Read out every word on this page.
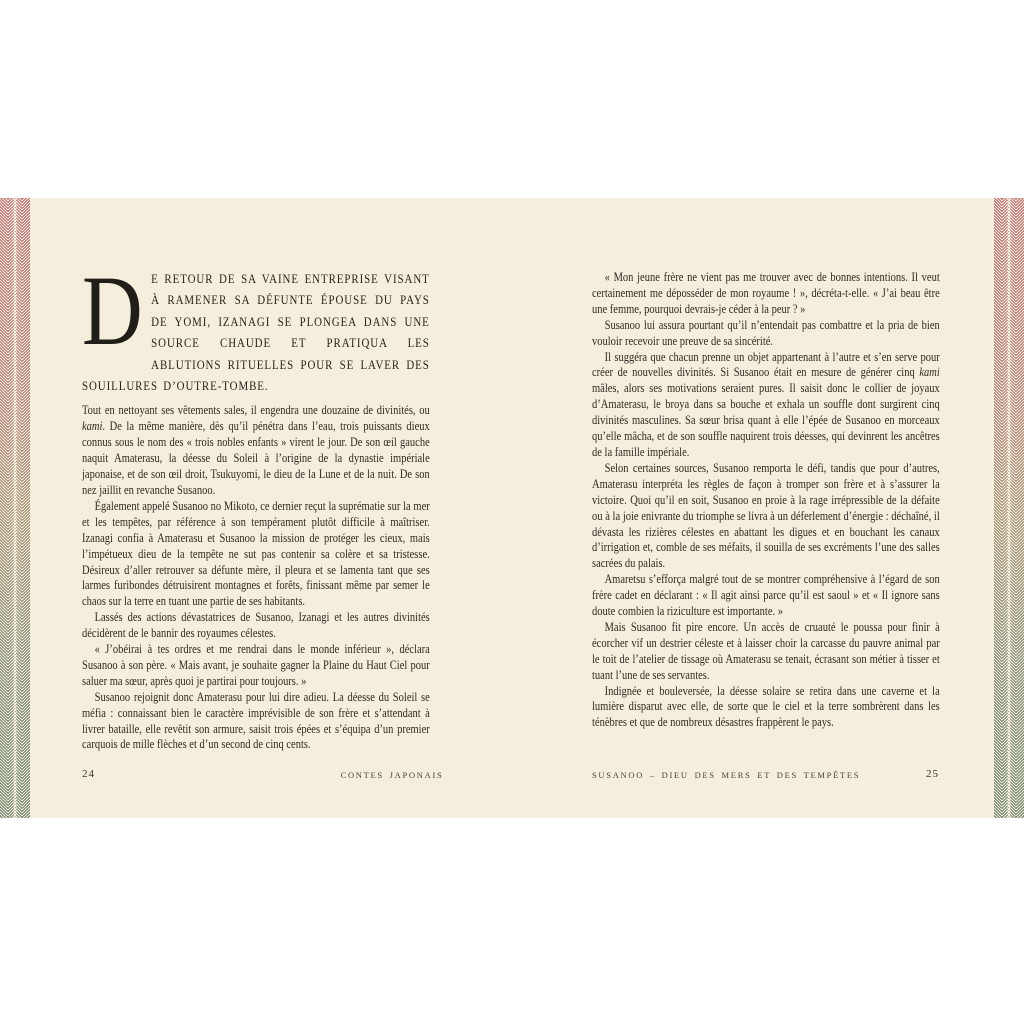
D E RETOUR DE SA VAINE ENTREPRISE VISANT À RAMENER SA DÉFUNTE ÉPOUSE DU PAYS DE YOMI, IZANAGI SE PLONGEA DANS UNE SOURCE CHAUDE ET PRATIQUA LES ABLUTIONS RITUELLES POUR SE LAVER DES SOUILLURES D’OUTRE-TOMBE.

Tout en nettoyant ses vêtements sales, il engendra une douzaine de divinités, ou kami. De la même manière, dès qu’il pénétra dans l’eau, trois puissants dieux connus sous le nom des « trois nobles enfants » virent le jour. De son œil gauche naquit Amaterasu, la déesse du Soleil à l’origine de la dynastie impériale japonaise, et de son œil droit, Tsukuyomi, le dieu de la Lune et de la nuit. De son nez jaillit en revanche Susanoo.

Également appelé Susanoo no Mikoto, ce dernier reçut la suprématie sur la mer et les tempêtes, par référence à son tempérament plutôt difficile à maîtriser. Izanagi confia à Amaterasu et Susanoo la mission de protéger les cieux, mais l’impétueux dieu de la tempête ne sut pas contenir sa colère et sa tristesse. Désireux d’aller retrouver sa défunte mère, il pleura et se lamenta tant que ses larmes furibondes détruisirent montagnes et forêts, finissant même par semer le chaos sur la terre en tuant une partie de ses habitants.

Lassés des actions dévastatrices de Susanoo, Izanagi et les autres divinités décidèrent de le bannir des royaumes célestes.

« J’obéirai à tes ordres et me rendrai dans le monde inférieur », déclara Susanoo à son père. « Mais avant, je souhaite gagner la Plaine du Haut Ciel pour saluer ma sœur, après quoi je partirai pour toujours. »

Susanoo rejoignit donc Amaterasu pour lui dire adieu. La déesse du Soleil se méfia : connaissant bien le caractère imprévisible de son frère et s’attendant à livrer bataille, elle revêtit son armure, saisit trois épées et s’équipa d’un premier carquois de mille flèches et d’un second de cinq cents.

24	CONTES JAPONAIS

« Mon jeune frère ne vient pas me trouver avec de bonnes intentions. Il veut certainement me déposséder de mon royaume ! », décréta-t-elle. « J’ai beau être une femme, pourquoi devrais-je céder à la peur ? »

Susanoo lui assura pourtant qu’il n’entendait pas combattre et la pria de bien vouloir recevoir une preuve de sa sincérité.

Il suggéra que chacun prenne un objet appartenant à l’autre et s’en serve pour créer de nouvelles divinités. Si Susanoo était en mesure de générer cinq kami mâles, alors ses motivations seraient pures. Il saisit donc le collier de joyaux d’Amaterasu, le broya dans sa bouche et exhala un souffle dont surgirent cinq divinités masculines. Sa sœur brisa quant à elle l’épée de Susanoo en morceaux qu’elle mâcha, et de son souffle naquirent trois déesses, qui devinrent les ancêtres de la famille impériale.

Selon certaines sources, Susanoo remporta le défi, tandis que pour d’autres, Amaterasu interpréta les règles de façon à tromper son frère et à s’assurer la victoire. Quoi qu’il en soit, Susanoo en proie à la rage irrépressible de la défaite ou à la joie enivrante du triomphe se livra à un déferlement d’énergie : déchaîné, il dévasta les rizières célestes en abattant les digues et en bouchant les canaux d’irrigation et, comble de ses méfaits, il souilla de ses excréments l’une des salles sacrées du palais.

Amaretsu s’efforça malgré tout de se montrer compréhensive à l’égard de son frère cadet en déclarant : « Il agit ainsi parce qu’il est saoul » et « Il ignore sans doute combien la riziculture est importante. »

Mais Susanoo fit pire encore. Un accès de cruauté le poussa pour finir à écorcher vif un destrier céleste et à laisser choir la carcasse du pauvre animal par le toit de l’atelier de tissage où Amaterasu se tenait, écrasant son métier à tisser et tuant l’une de ses servantes.

Indignée et bouleversée, la déesse solaire se retira dans une caverne et la lumière disparut avec elle, de sorte que le ciel et la terre sombrèrent dans les ténèbres et que de nombreux désastres frappèrent le pays.

SUSANOO – DIEU DES MERS ET DES TEMPÊTES	25
